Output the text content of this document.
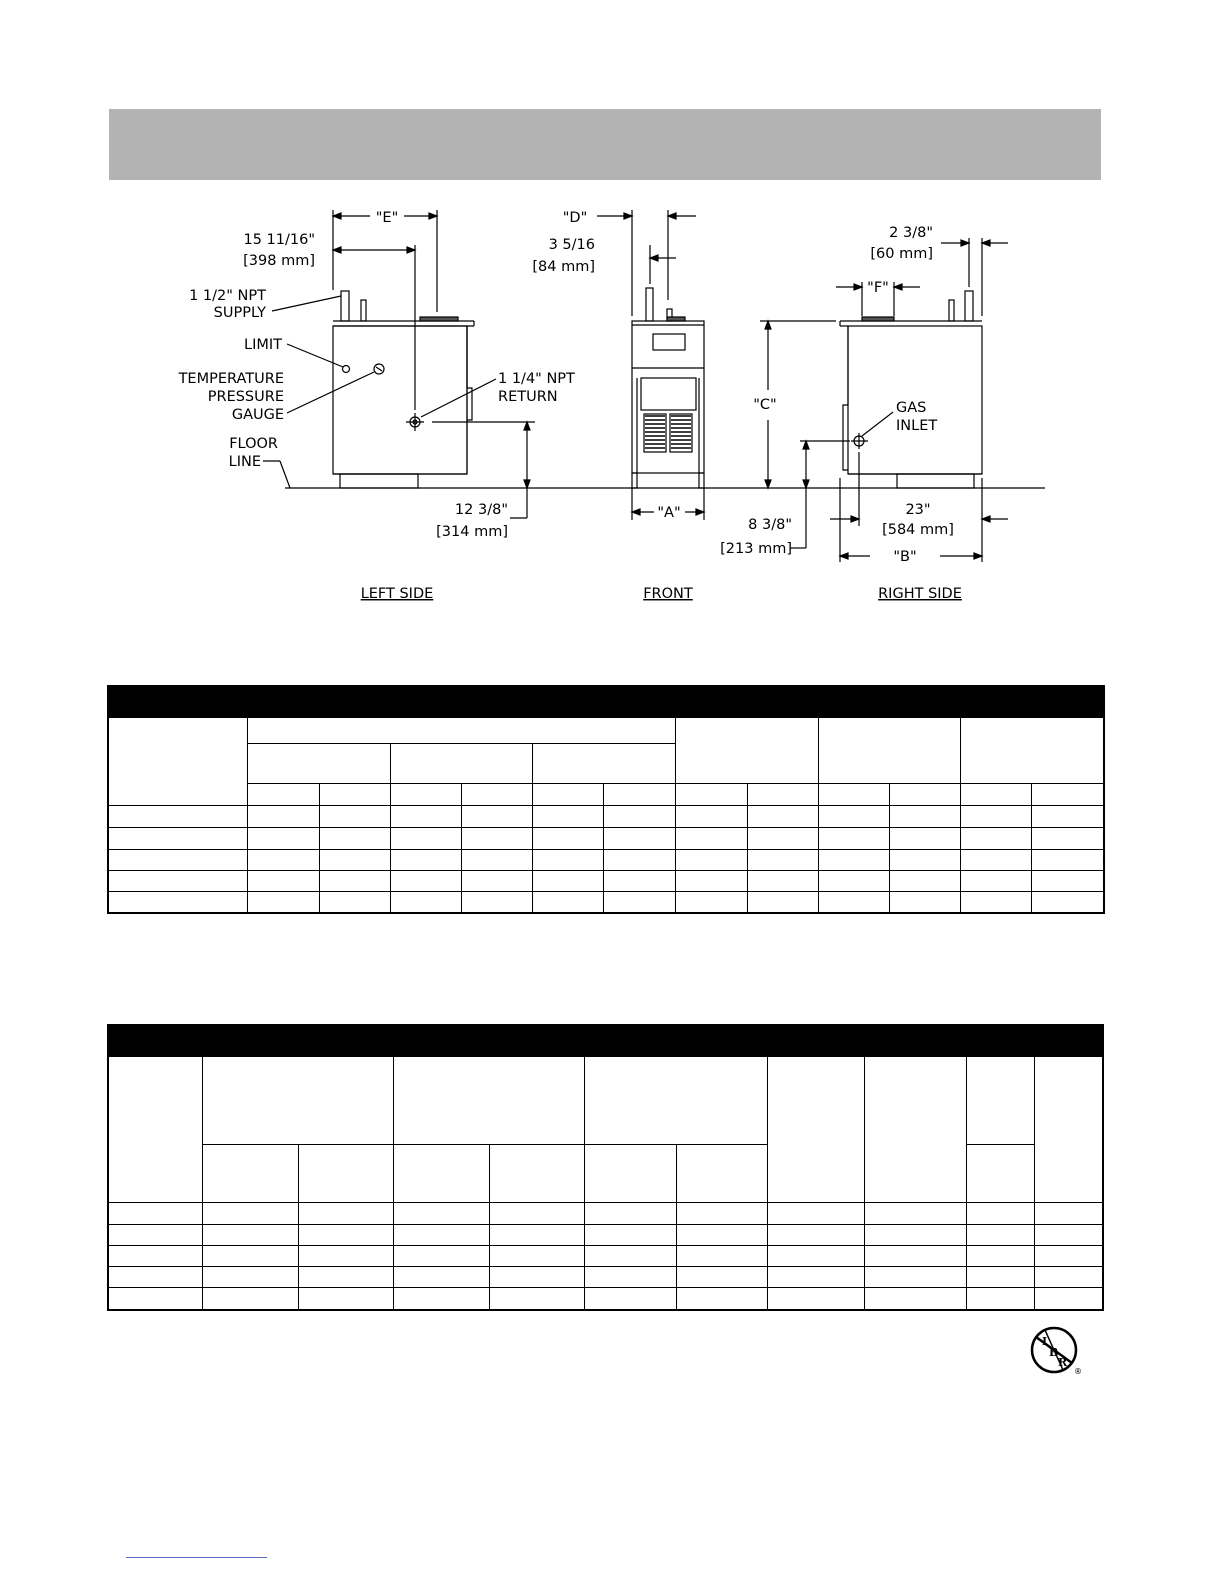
"E"
15 11/16"
[398 mm]
1 1/2" NPT
SUPPLY
LIMIT
TEMPERATURE
PRESSURE
GAUGE
FLOOR
LINE
1 1/4" NPT
RETURN
12 3/8"
[314 mm]
"D"
3 5/16
[84 mm]
"A"
"C"
8 3/8"
[213 mm]
2 3/8"
[60 mm]
"F"
GAS
INLET
23"
[584 mm]
"B"
LEFT SIDE	FRONT	RIGHT SIDE

I
B
R
®
